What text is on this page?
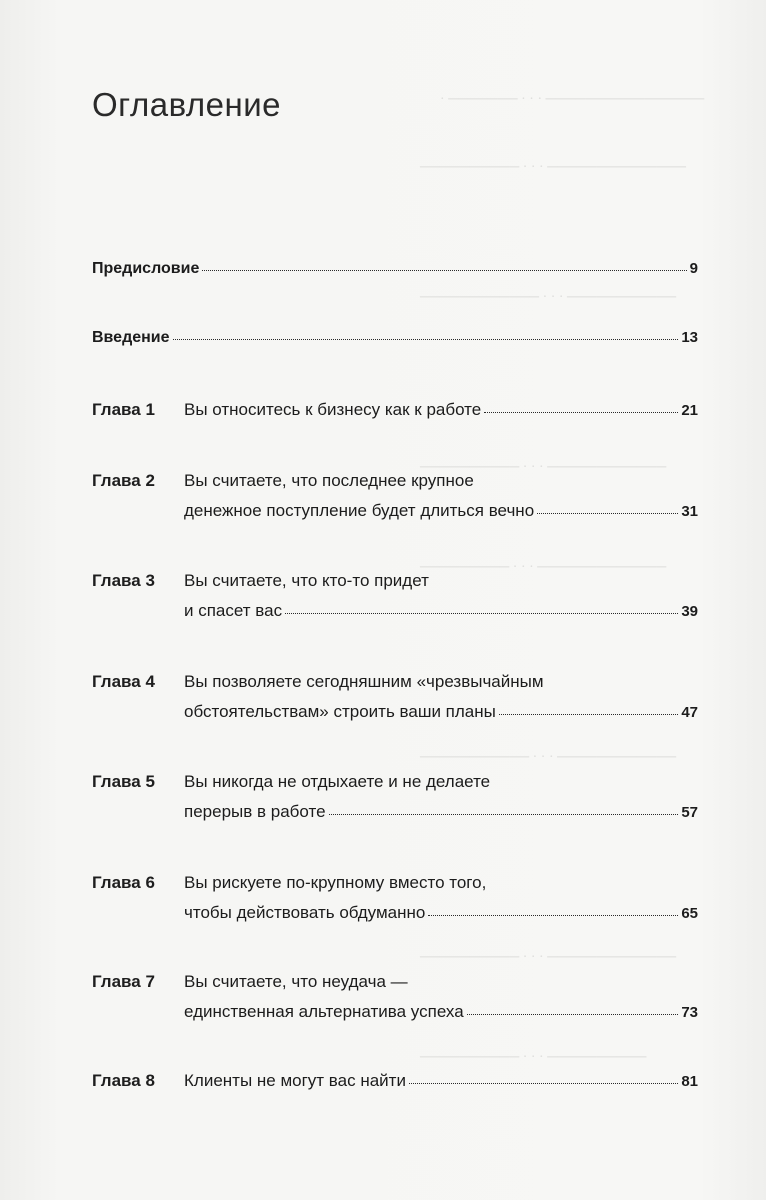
──────────────── · · · ─────── ·
────────────── · · · ──────────
─────────── · · · ────────────
──────────── · · · ──────────
───────────── · · · ─────────
──────────── · · · ───────────
───────────── · · · ──────────
────────── · · · ──────────
Оглавление
Предисловие	9
Введение	13
Глава 1 Вы относитесь к бизнесу как к работе	21
Глава 2 Вы считаете, что последнее крупное
денежное поступление будет длиться вечно	31
Глава 3 Вы считаете, что кто-то придет
и спасет вас	39
Глава 4 Вы позволяете сегодняшним «чрезвычайным
обстоятельствам» строить ваши планы	47
Глава 5 Вы никогда не отдыхаете и не делаете
перерыв в работе	57
Глава 6 Вы рискуете по-крупному вместо того,
чтобы действовать обдуманно	65
Глава 7 Вы считаете, что неудача —
единственная альтернатива успеха	73
Глава 8 Клиенты не могут вас найти	81
